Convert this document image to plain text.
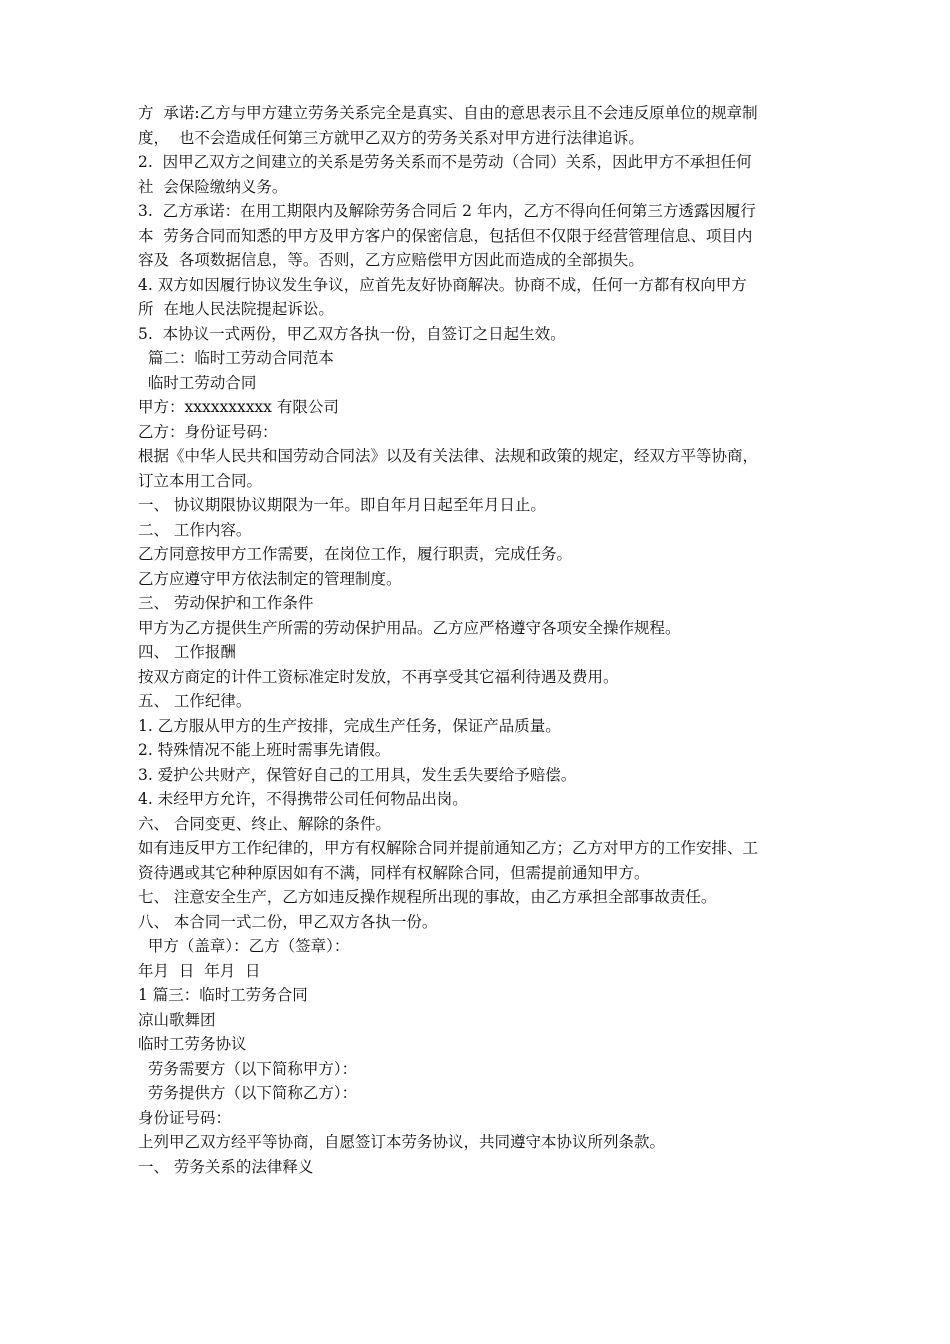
方  承诺:乙方与甲方建立劳务关系完全是真实、自由的意思表示且不会违反原单位的规章制
度，  也不会造成任何第三方就甲乙双方的劳务关系对甲方进行法律追诉。
2.  因甲乙双方之间建立的关系是劳务关系而不是劳动（合同）关系，因此甲方不承担任何
社  会保险缴纳义务。
3.  乙方承诺：在用工期限内及解除劳务合同后 2 年内，乙方不得向任何第三方透露因履行
本  劳务合同而知悉的甲方及甲方客户的保密信息，包括但不仅限于经营管理信息、项目内
容及  各项数据信息，等。否则，乙方应赔偿甲方因此而造成的全部损失。
4. 双方如因履行协议发生争议，应首先友好协商解决。协商不成，任何一方都有权向甲方
所  在地人民法院提起诉讼。
5.  本协议一式两份，甲乙双方各执一份，自签订之日起生效。
篇二：临时工劳动合同范本
临时工劳动合同
甲方：xxxxxxxxxx 有限公司
乙方：身份证号码：
根据《中华人民共和国劳动合同法》以及有关法律、法规和政策的规定，经双方平等协商，
订立本用工合同。
一、 协议期限协议期限为一年。即自年月日起至年月日止。
二、 工作内容。
乙方同意按甲方工作需要，在岗位工作，履行职责，完成任务。
乙方应遵守甲方依法制定的管理制度。
三、 劳动保护和工作条件
甲方为乙方提供生产所需的劳动保护用品。乙方应严格遵守各项安全操作规程。
四、 工作报酬
按双方商定的计件工资标准定时发放，不再享受其它福利待遇及费用。
五、 工作纪律。
1. 乙方服从甲方的生产按排，完成生产任务，保证产品质量。
2. 特殊情况不能上班时需事先请假。
3. 爱护公共财产，保管好自己的工用具，发生丢失要给予赔偿。
4. 未经甲方允许，不得携带公司任何物品出岗。
六、 合同变更、终止、解除的条件。
如有违反甲方工作纪律的，甲方有权解除合同并提前通知乙方；乙方对甲方的工作安排、工
资待遇或其它种种原因如有不满，同样有权解除合同，但需提前通知甲方。
七、 注意安全生产，乙方如违反操作规程所出现的事故，由乙方承担全部事故责任。
八、 本合同一式二份，甲乙双方各执一份。
甲方（盖章）：乙方（签章）：
年月  日  年月  日
1 篇三：临时工劳务合同
凉山歌舞团
临时工劳务协议
劳务需要方（以下简称甲方）：
劳务提供方（以下简称乙方）：
身份证号码：
上列甲乙双方经平等协商，自愿签订本劳务协议，共同遵守本协议所列条款。
一、 劳务关系的法律释义
